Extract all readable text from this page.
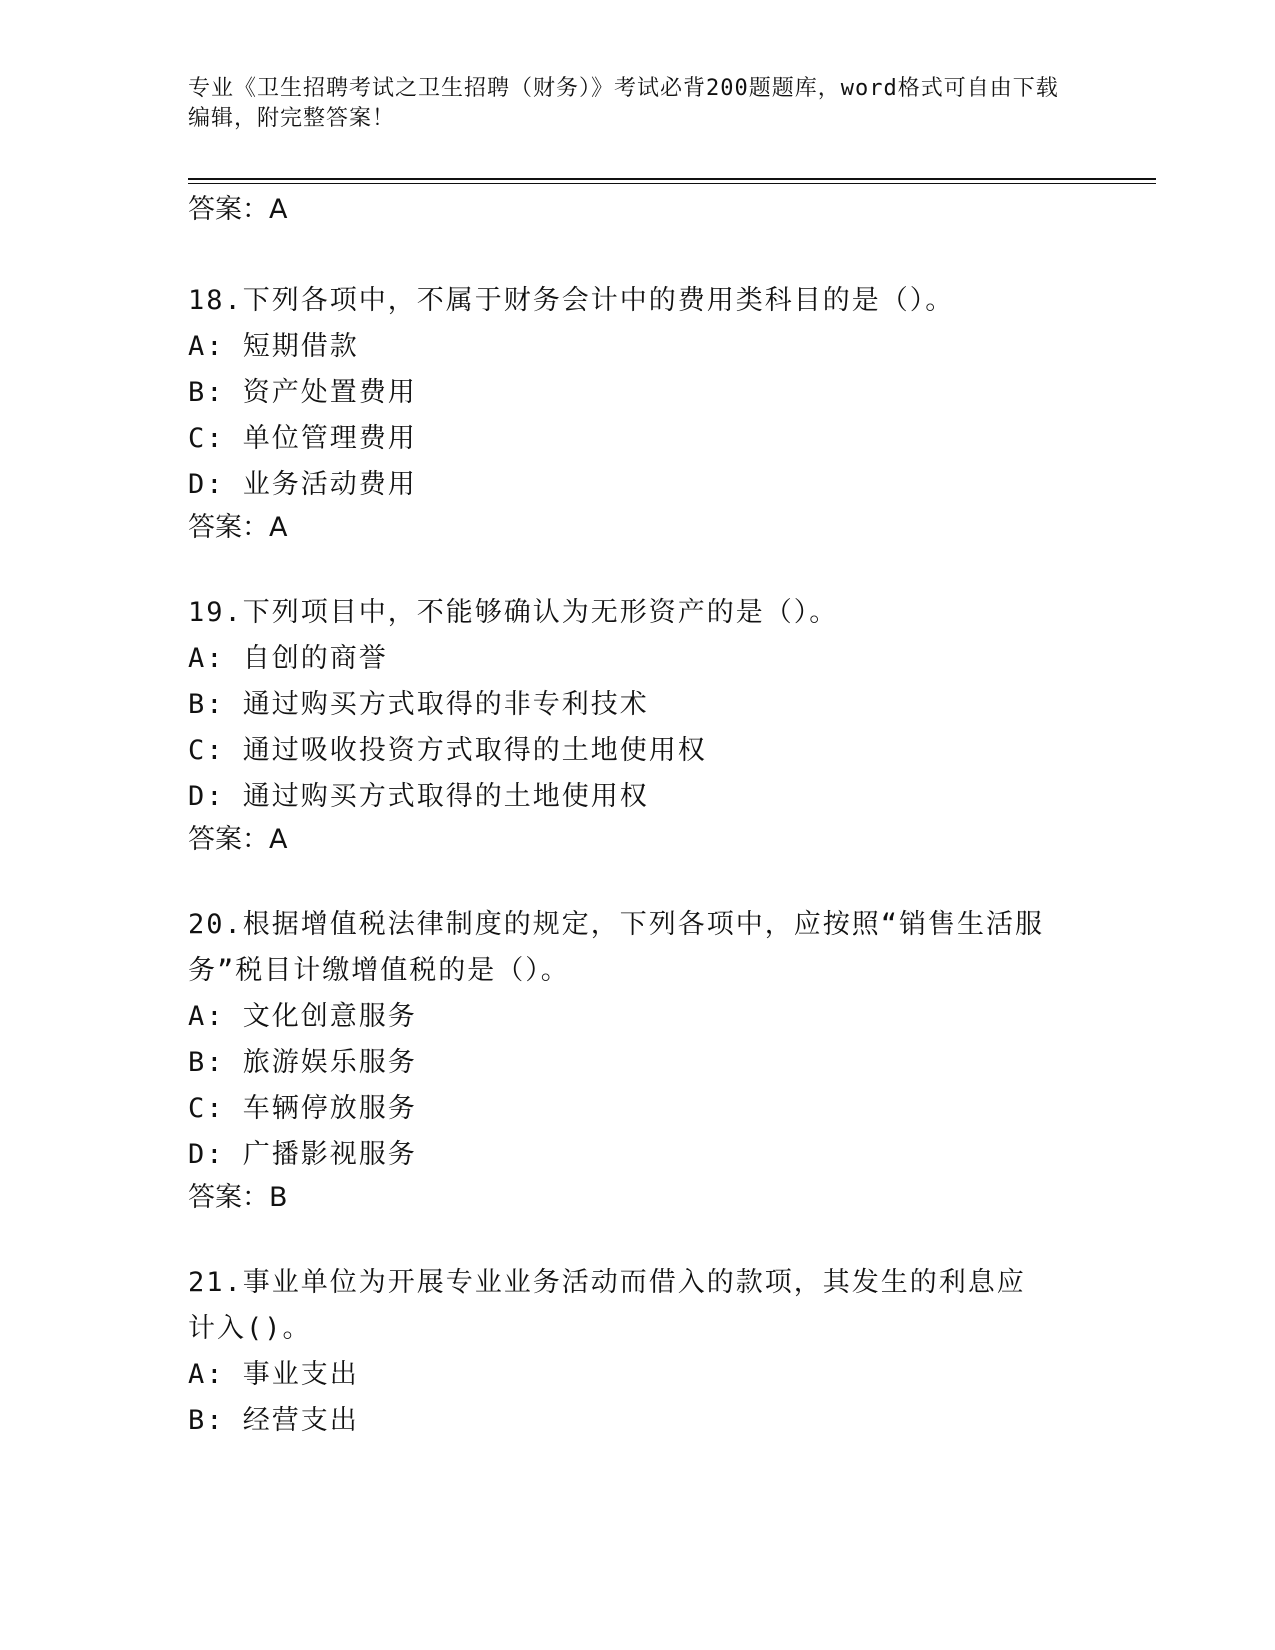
专业《卫生招聘考试之卫生招聘（财务）》考试必背200题题库，word格式可自由下载编辑，附完整答案！

答案：A

18.下列各项中，不属于财务会计中的费用类科目的是（）。

A: 短期借款

B: 资产处置费用

C: 单位管理费用

D: 业务活动费用

答案：A

19.下列项目中，不能够确认为无形资产的是（）。

A: 自创的商誉

B: 通过购买方式取得的非专利技术

C: 通过吸收投资方式取得的土地使用权

D: 通过购买方式取得的土地使用权

答案：A

20.根据增值税法律制度的规定，下列各项中，应按照“销售生活服务”税目计缴增值税的是（）。

A: 文化创意服务

B: 旅游娱乐服务

C: 车辆停放服务

D: 广播影视服务

答案：B

21.事业单位为开展专业业务活动而借入的款项，其发生的利息应计入()。

A: 事业支出

B: 经营支出
